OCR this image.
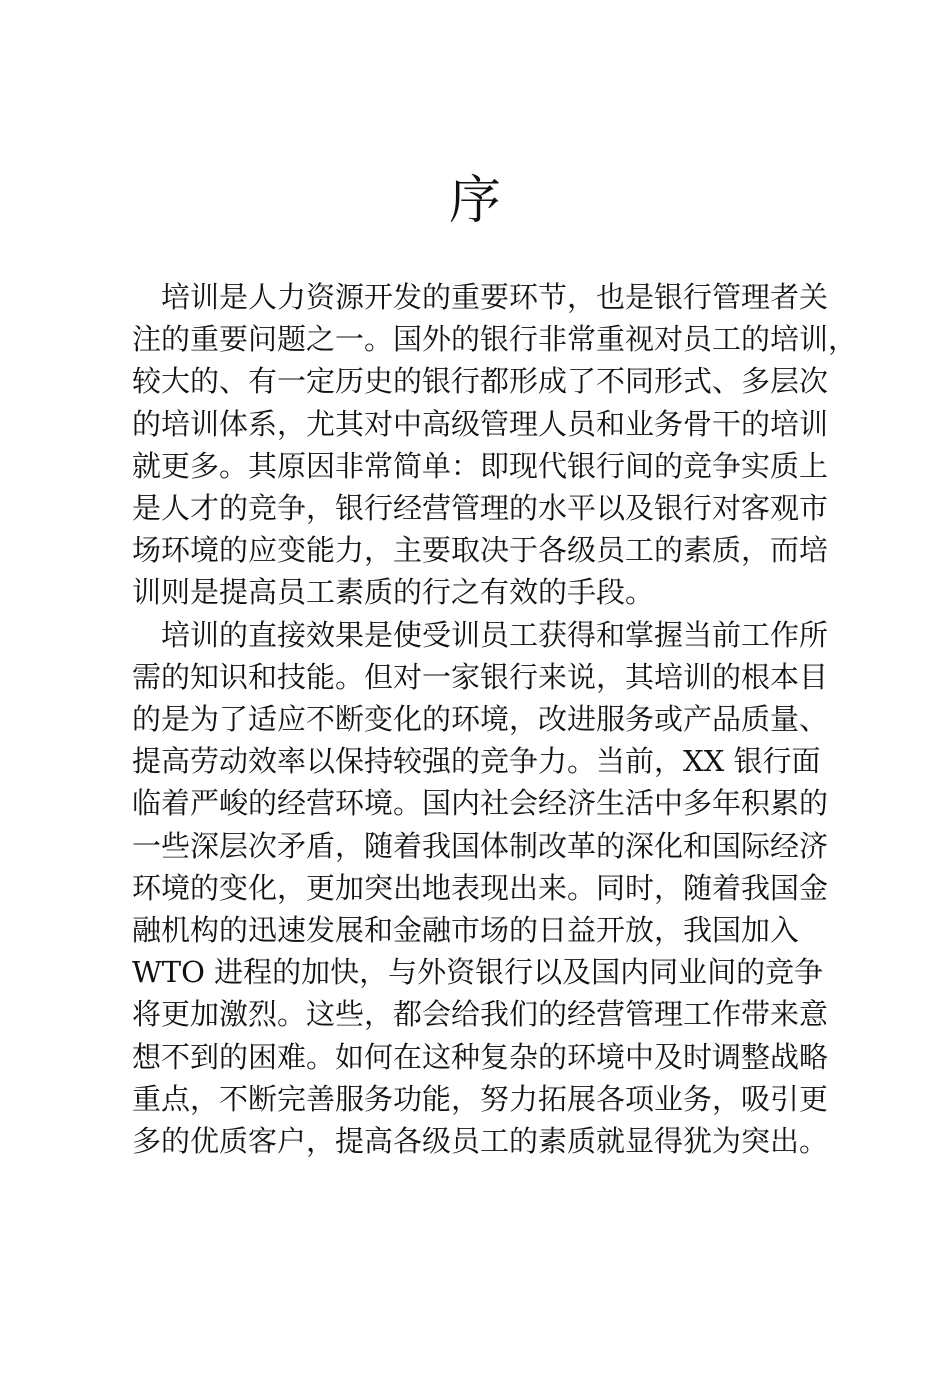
序

培训是人力资源开发的重要环节，也是银行管理者关
注的重要问题之一。国外的银行非常重视对员工的培训，
较大的、有一定历史的银行都形成了不同形式、多层次
的培训体系，尤其对中高级管理人员和业务骨干的培训
就更多。其原因非常简单：即现代银行间的竞争实质上
是人才的竞争，银行经营管理的水平以及银行对客观市
场环境的应变能力，主要取决于各级员工的素质，而培
训则是提高员工素质的行之有效的手段。

培训的直接效果是使受训员工获得和掌握当前工作所
需的知识和技能。但对一家银行来说，其培训的根本目
的是为了适应不断变化的环境，改进服务或产品质量、
提高劳动效率以保持较强的竞争力。当前，XX 银行面
临着严峻的经营环境。国内社会经济生活中多年积累的
一些深层次矛盾，随着我国体制改革的深化和国际经济
环境的变化，更加突出地表现出来。同时，随着我国金
融机构的迅速发展和金融市场的日益开放，我国加入
WTO 进程的加快，与外资银行以及国内同业间的竞争
将更加激烈。这些，都会给我们的经营管理工作带来意
想不到的困难。如何在这种复杂的环境中及时调整战略
重点，不断完善服务功能，努力拓展各项业务，吸引更
多的优质客户，提高各级员工的素质就显得犹为突出。
